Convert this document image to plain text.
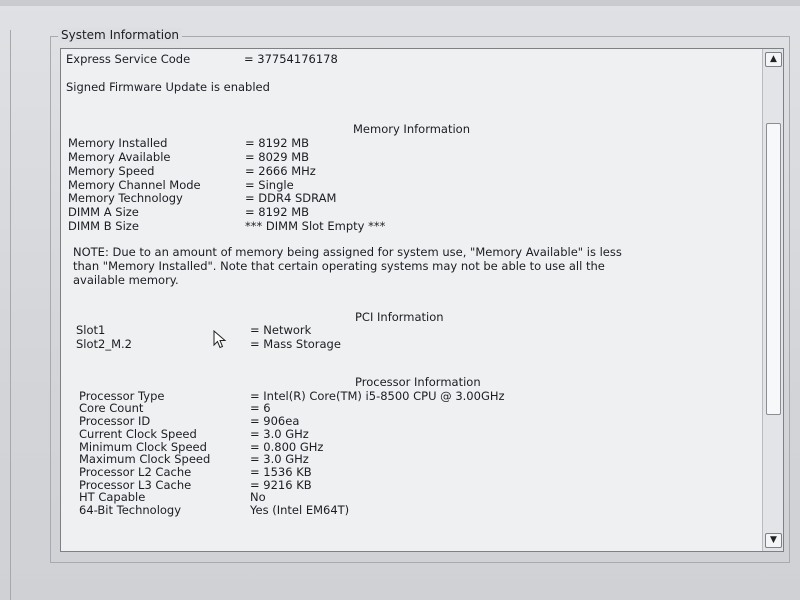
System Information
Express Service Code	= 37754176178
Signed Firmware Update is enabled
Memory Information
Memory Installed	= 8192 MB
Memory Available	= 8029 MB
Memory Speed	= 2666 MHz
Memory Channel Mode	= Single
Memory Technology	= DDR4 SDRAM
DIMM A Size	= 8192 MB
DIMM B Size	*** DIMM Slot Empty ***
NOTE: Due to an amount of memory being assigned for system use, "Memory Available" is less
than "Memory Installed". Note that certain operating systems may not be able to use all the
available memory.
PCI Information
Slot1	= Network
Slot2_M.2	= Mass Storage
Processor Information
Processor Type	= Intel(R) Core(TM) i5-8500 CPU @ 3.00GHz
Core Count	= 6
Processor ID	= 906ea
Current Clock Speed	= 3.0 GHz
Minimum Clock Speed	= 0.800 GHz
Maximum Clock Speed	= 3.0 GHz
Processor L2 Cache	= 1536 KB
Processor L3 Cache	= 9216 KB
HT Capable	No
64-Bit Technology	Yes (Intel EM64T)
▲
▼
